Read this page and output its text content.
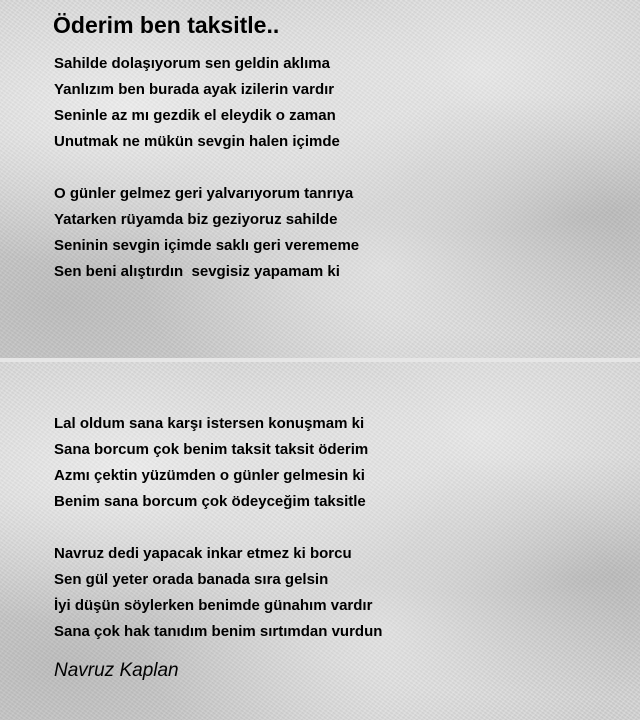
Öderim ben taksitle..
Sahilde dolaşıyorum sen geldin aklıma
Yanlızım ben burada ayak izilerin vardır
Seninle az mı gezdik el eleydik o zaman
Unutmak ne mükün sevgin halen içimde
O günler gelmez geri yalvarıyorum tanrıya
Yatarken rüyamda biz geziyoruz sahilde
Seninin sevgin içimde saklı geri verememe
Sen beni alıştırdın  sevgisiz yapamam ki
Lal oldum sana karşı istersen konuşmam ki
Sana borcum çok benim taksit taksit öderim
Azmı çektin yüzümden o günler gelmesin ki
Benim sana borcum çok ödeyceğim taksitle
Navruz dedi yapacak inkar etmez ki borcu
Sen gül yeter orada banada sıra gelsin
İyi düşün söylerken benimde günahım vardır
Sana çok hak tanıdım benim sırtımdan vurdun

Navruz Kaplan
